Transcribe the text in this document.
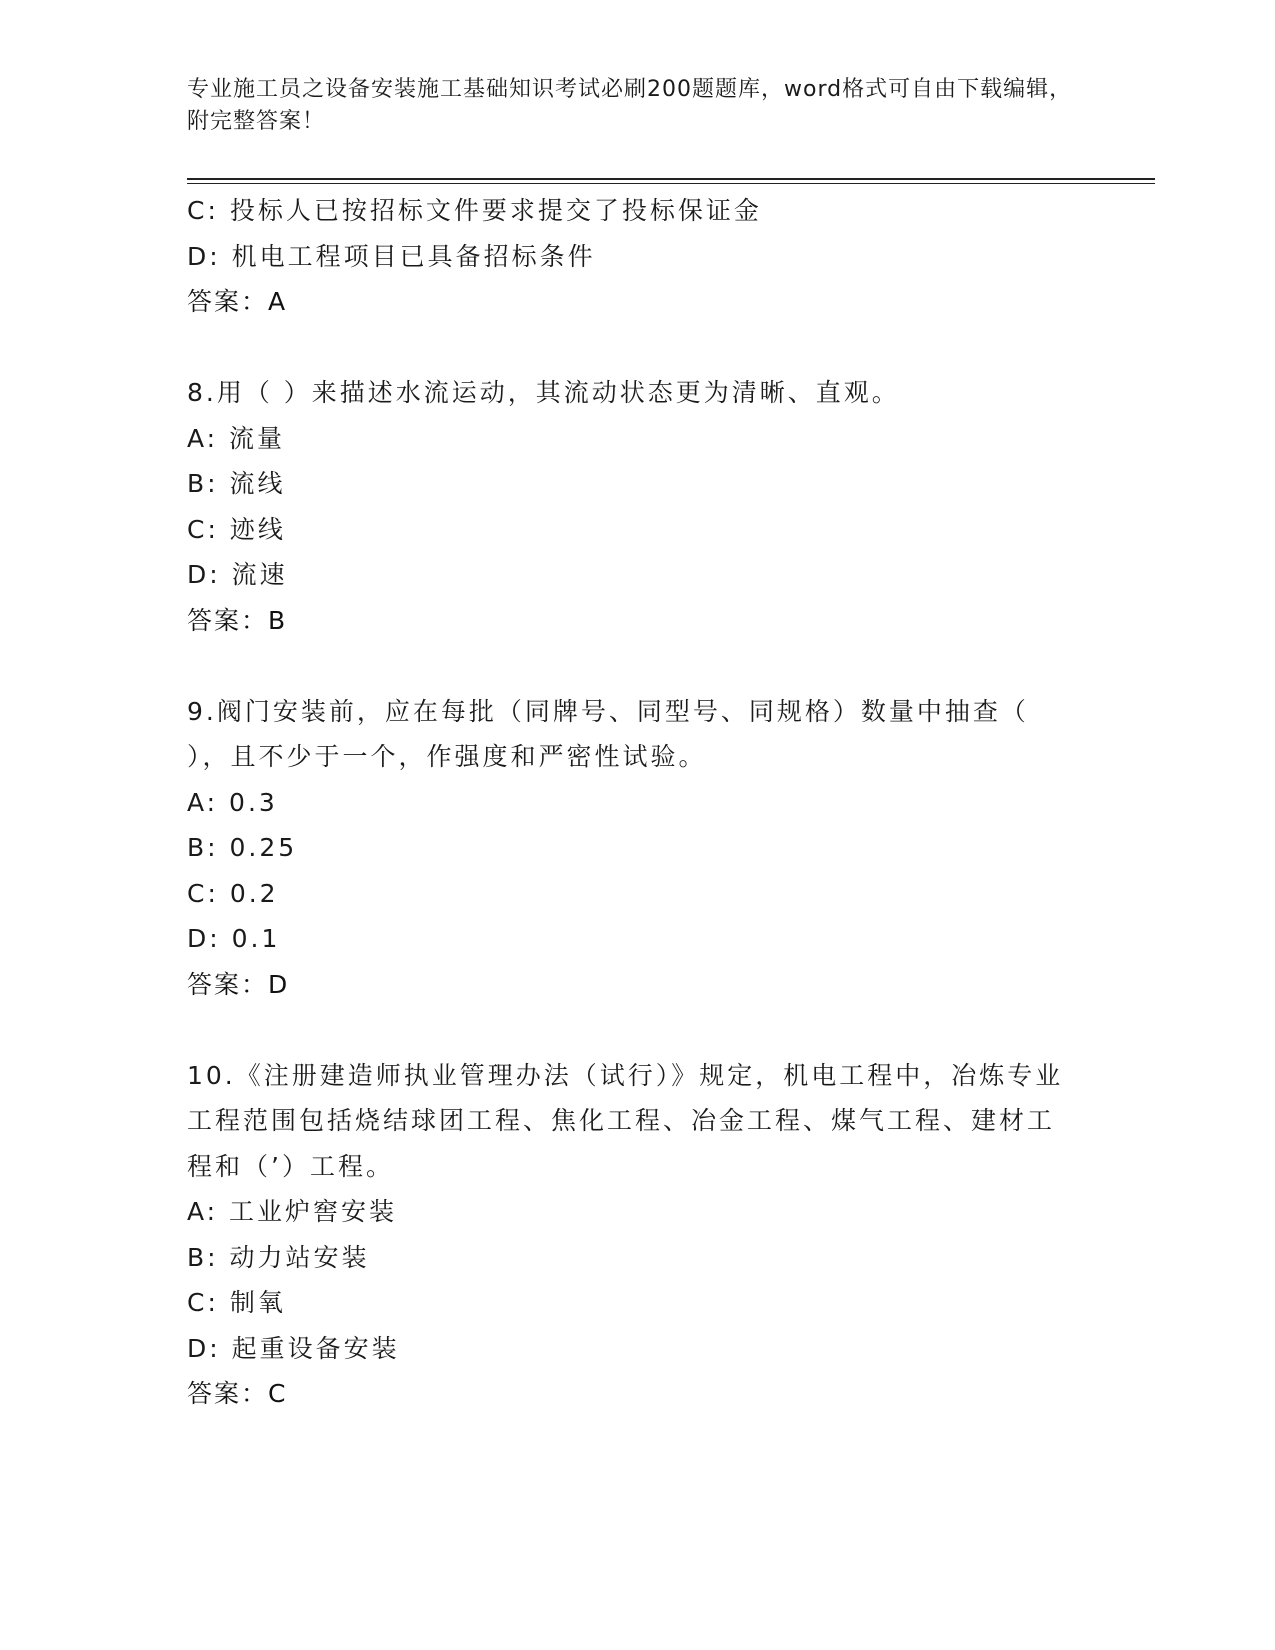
专业施工员之设备安装施工基础知识考试必刷200题题库，word格式可自由下载编辑，附完整答案！
C: 投标人已按招标文件要求提交了投标保证金
D: 机电工程项目已具备招标条件
答案：A
8.用（ ）来描述水流运动，其流动状态更为清晰、直观。
A: 流量
B: 流线
C: 迹线
D: 流速
答案：B
9.阀门安装前，应在每批（同牌号、同型号、同规格）数量中抽查（ ），且不少于一个，作强度和严密性试验。
A: 0.3
B: 0.25
C: 0.2
D: 0.1
答案：D
10.《注册建造师执业管理办法（试行）》规定，机电工程中，冶炼专业工程范围包括烧结球团工程、焦化工程、冶金工程、煤气工程、建材工程和（’）工程。
A: 工业炉窖安装
B: 动力站安装
C: 制氧
D: 起重设备安装
答案：C
